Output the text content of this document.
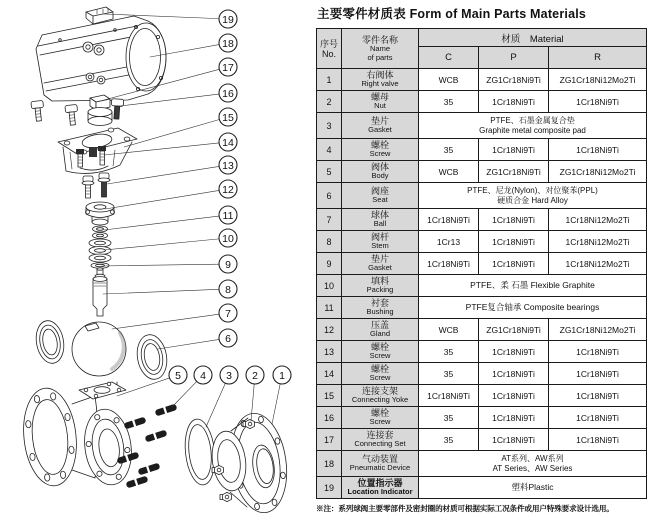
19
18
17
16
15
14
13
12
11
10
9
8
7
6
5 4 3 2 1
主要零件材质表 Form of Main Parts Materials
序号
No.

零件名称
Name
of parts
	材质　Material
		C	P	R
1	右阀体
Right valve	WCB	ZG1Cr18Ni9Ti	ZG1Cr18Ni12Mo2Ti
2	螺母
Nut	35	1Cr18Ni9Ti	1Cr18Ni9Ti
3	垫片
Gasket

PTFE、石墨金属复合垫
Graphite metal composite pad

4	螺栓
Screw	35	1Cr18Ni9Ti	1Cr18Ni9Ti
5	阀体
Body	WCB	ZG1Cr18Ni9Ti	ZG1Cr18Ni12Mo2Ti
6	阀座
Seat

PTFE、尼龙(Nylon)、对位聚苯(PPL)
硬质合金 Hard Alloy

7	球体
Ball	1Cr18Ni9Ti	1Cr18Ni9Ti	1Cr18Ni12Mo2Ti
8	阀杆
Stem	1Cr13	1Cr18Ni9Ti	1Cr18Ni12Mo2Ti
9	垫片
Gasket	1Cr18Ni9Ti	1Cr18Ni9Ti	1Cr18Ni12Mo2Ti
10	填料
Packing	PTFE、柔 石墨 Flexible Graphite		

11	衬套
Bushing	PTFE复合轴承 Composite bearings		

12	压盖
Gland	WCB	ZG1Cr18Ni9Ti	ZG1Cr18Ni12Mo2Ti
13	螺栓
Screw	35	1Cr18Ni9Ti	1Cr18Ni9Ti
14	螺栓
Screw	35	1Cr18Ni9Ti	1Cr18Ni9Ti
15	连接支架
Connecting Yoke	1Cr18Ni9Ti	1Cr18Ni9Ti	1Cr18Ni9Ti
16	螺栓
Screw	35	1Cr18Ni9Ti	1Cr18Ni9Ti
17	连接套
Connecting Set	35	1Cr18Ni9Ti	1Cr18Ni9Ti
18	气动装置
Pneumatic Device

AT系列、AW系列
AT Series、AW Series

19	位置指示器
Location Indicator	塑料Plastic		
※注：系列球阀主要零部件及密封圈的材质可根据实际工况条件或用户特殊要求设计选用。
